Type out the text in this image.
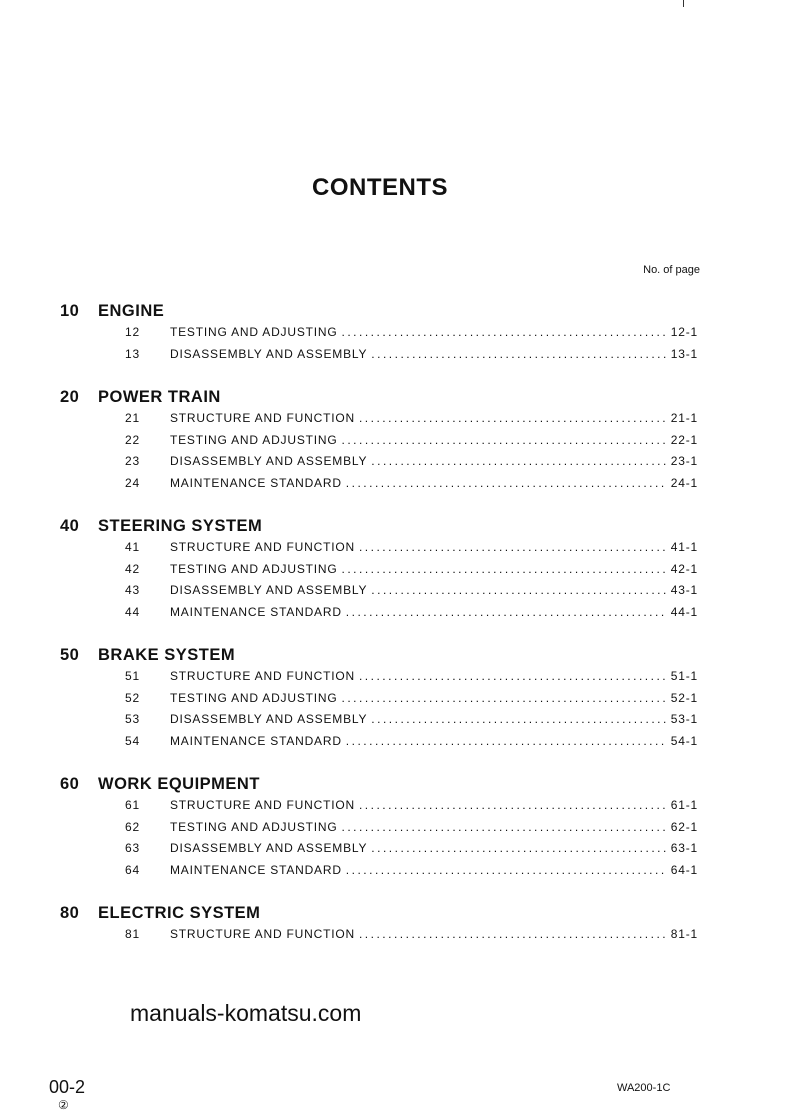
CONTENTS
No. of page
10 ENGINE
12	TESTING AND ADJUSTING .....	12-1
13	DISASSEMBLY AND ASSEMBLY .....	13-1
20 POWER TRAIN
21	STRUCTURE AND FUNCTION .....	21-1
22	TESTING AND ADJUSTING .....	22-1
23	DISASSEMBLY AND ASSEMBLY .....	23-1
24	MAINTENANCE STANDARD .....	24-1
40 STEERING SYSTEM
41	STRUCTURE AND FUNCTION .....	41-1
42	TESTING AND ADJUSTING .....	42-1
43	DISASSEMBLY AND ASSEMBLY .....	43-1
44	MAINTENANCE STANDARD .....	44-1
50 BRAKE SYSTEM
51	STRUCTURE AND FUNCTION .....	51-1
52	TESTING AND ADJUSTING .....	52-1
53	DISASSEMBLY AND ASSEMBLY .....	53-1
54	MAINTENANCE STANDARD .....	54-1
60 WORK EQUIPMENT
61	STRUCTURE AND FUNCTION .....	61-1
62	TESTING AND ADJUSTING .....	62-1
63	DISASSEMBLY AND ASSEMBLY .....	63-1
64	MAINTENANCE STANDARD .....	64-1
80 ELECTRIC SYSTEM
81	STRUCTURE AND FUNCTION .....	81-1
manuals-komatsu.com
00-2
②
WA200-1C
